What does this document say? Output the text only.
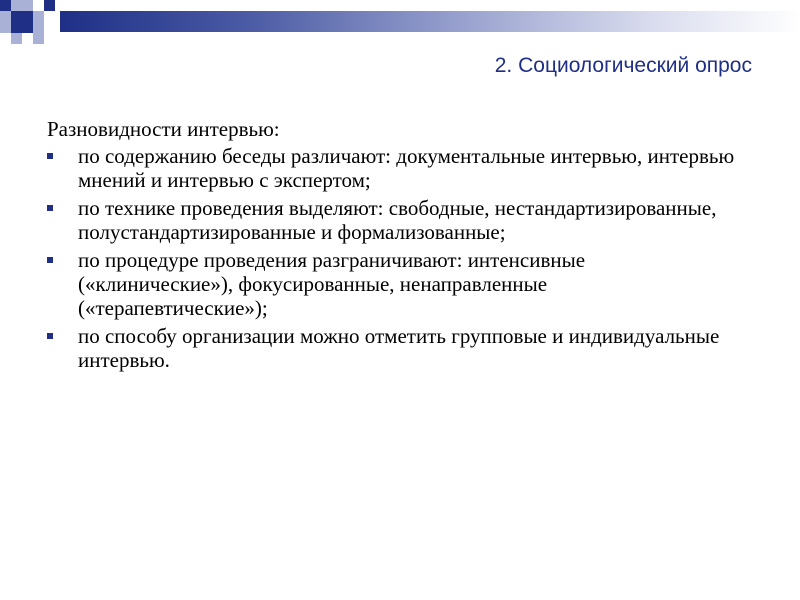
2. Социологический опрос

Разновидности интервью:

по содержанию беседы различают: документальные интервью, интервью мнений и интервью с экспертом;
по технике проведения выделяют: свободные, нестандартизированные, полустандартизированные и формализованные;
по процедуре проведения разграничивают: интенсивные («клинические»), фокусированные, ненаправленные («терапевтические»);
по способу организации можно отметить групповые и индивидуальные интервью.
